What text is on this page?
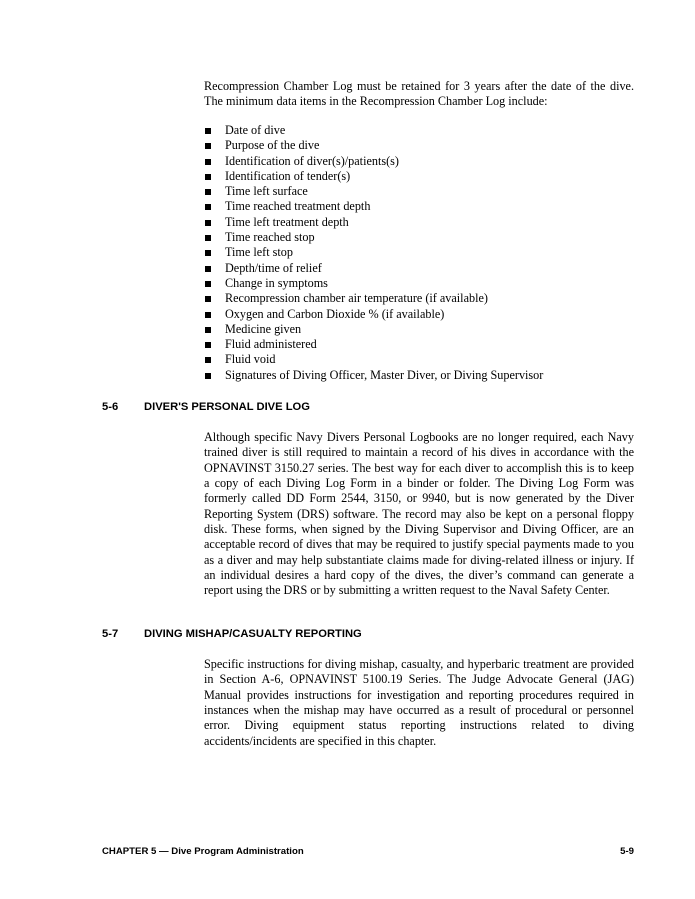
Recompression Chamber Log must be retained for 3 years after the date of the dive. The minimum data items in the Recompression Chamber Log include:

Date of dive
Purpose of the dive
Identification of diver(s)/patients(s)
Identification of tender(s)
Time left surface
Time reached treatment depth
Time left treatment depth
Time reached stop
Time left stop
Depth/time of relief
Change in symptoms
Recompression chamber air temperature (if available)
Oxygen and Carbon Dioxide % (if available)
Medicine given
Fluid administered
Fluid void
Signatures of Diving Officer, Master Diver, or Diving Supervisor
5-6 DIVER'S PERSONAL DIVE LOG

Although specific Navy Divers Personal Logbooks are no longer required, each Navy trained diver is still required to maintain a record of his dives in accordance with the OPNAVINST 3150.27 series. The best way for each diver to accomplish this is to keep a copy of each Diving Log Form in a binder or folder. The Diving Log Form was formerly called DD Form 2544, 3150, or 9940, but is now generated by the Diver Reporting System (DRS) software. The record may also be kept on a personal floppy disk. These forms, when signed by the Diving Supervisor and Diving Officer, are an acceptable record of dives that may be required to justify special payments made to you as a diver and may help substantiate claims made for diving-related illness or injury. If an individual desires a hard copy of the dives, the diver’s command can generate a report using the DRS or by submitting a written request to the Naval Safety Center.

5-7 DIVING MISHAP/CASUALTY REPORTING

Specific instructions for diving mishap, casualty, and hyperbaric treatment are provided in Section A-6, OPNAVINST 5100.19 Series. The Judge Advocate General (JAG) Manual provides instructions for investigation and reporting procedures required in instances when the mishap may have occurred as a result of procedural or personnel error. Diving equipment status reporting instructions related to diving accidents/incidents are specified in this chapter.

CHAPTER 5 — Dive Program Administration	5-9
